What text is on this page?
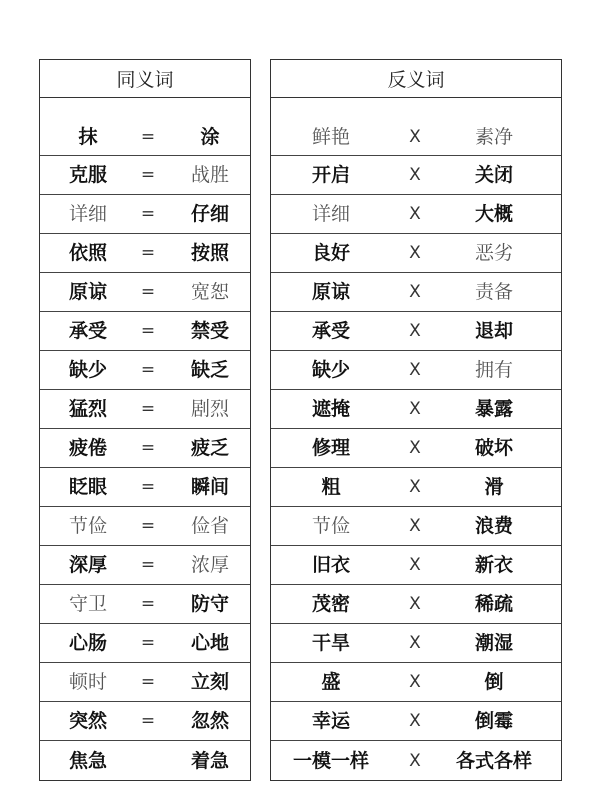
同义词
抹	=	涂
克服 = 战胜
详细 = 仔细
依照 = 按照
原谅 = 宽恕
承受 = 禁受
缺少 = 缺乏
猛烈 = 剧烈
疲倦 = 疲乏
眨眼 = 瞬间
节俭 = 俭省
深厚 = 浓厚
守卫 = 防守
心肠 = 心地
顿时 = 立刻
突然 = 忽然
焦急	着急
反义词
鲜艳	X	素净
开启	X	关闭
详细	X	大概
良好	X	恶劣
原谅	X	责备
承受	X	退却
缺少	X	拥有
遮掩	X	暴露
修理	X	破坏
粗	X	滑
节俭	X	浪费
旧衣	X	新衣
茂密	X	稀疏
干旱	X	潮湿
盛	X	倒
幸运	X	倒霉
一模一样	X	各式各样
